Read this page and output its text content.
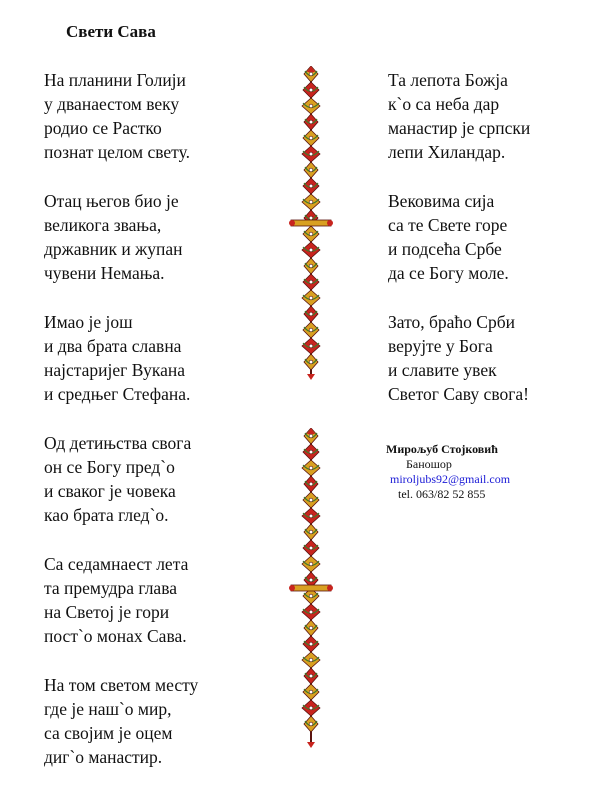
Свети Сава
На планини Голији
у дванаестом веку
родио се Растко
познат целом свету.
Отац његов био је
великога звања,
државник и жупан
чувени Немања.
Имао је још
и два брата славна
најстаријег Вукана
и средњег Стефана.
Од детињства свога
он се Богу пред`о
и сваког је човека
као брата глед`о.
Са седамнаест лета
та премудра глава
на Светој је гори
пост`о монах Сава.
На том светом месту
где је наш`о мир,
са својим је оцем
диг`о манастир.
Та лепота Божја
к`о са неба дар
манастир је српски
лепи Хиландар.
Вековима сија
са те Свете горе
и подсећа Србе
да се Богу моле.
Зато, браћо Срби
верујте у Бога
и славите увек
Светог Саву свога!
Мирољуб Стојковић
Баношор
miroljubs92@gmail.com
tel. 063/82 52 855
